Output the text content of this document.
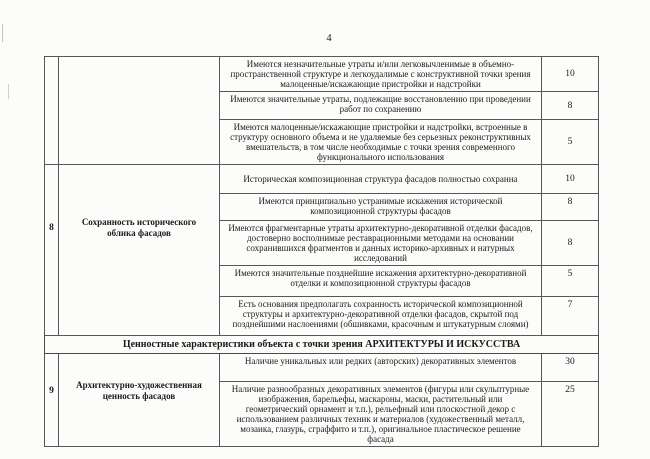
4
		Имеются незначительные утраты и/или легковычленимые в объемно-пространственной структуре и легкоудалимые с конструктивной точки зрения малоценные/искажающие пристройки и надстройки	10
		Имеются значительные утраты, подлежащие восстановлению при проведении работ по сохранению	8
		Имеются малоценные/искажающие пристройки и надстройки, встроенные в структуру основного объема и не удаляемые без серьезных реконструктивных вмешательств, в том числе необходимые с точки зрения современного функционального использования	5
8	Сохранность исторического облика фасадов	Историческая композиционная структура фасадов полностью сохранна	10
		Имеются принципиально устранимые искажения исторической композиционной структуры фасадов	8
		Имеются фрагментарные утраты архитектурно-декоративной отделки фасадов, достоверно восполнимые реставрационными методами на основании сохранившихся фрагментов и данных историко-архивных и натурных исследований	8
		Имеются значительные позднейшие искажения архитектурно-декоративной отделки и композиционной структуры фасадов	5
		Есть основания предполагать сохранность исторической композиционной структуры и архитектурно-декоративной отделки фасадов, скрытой под позднейшими наслоениями (обшивками, красочным и штукатурным слоями)	7
Ценностные характеристики объекта с точки зрения АРХИТЕКТУРЫ И ИСКУССТВА			
9	Архитектурно-художественная ценность фасадов	Наличие уникальных или редких (авторских) декоративных элементов	30
		Наличие разнообразных декоративных элементов (фигуры или скульптурные изображения, барельефы, маскароны, маски, растительный или геометрический орнамент и т.п.), рельефный или плоскостной декор с использованием различных техник и материалов (художественный металл, мозаика, глазурь, сграффито и т.п.), оригинальное пластическое решение фасада	25
